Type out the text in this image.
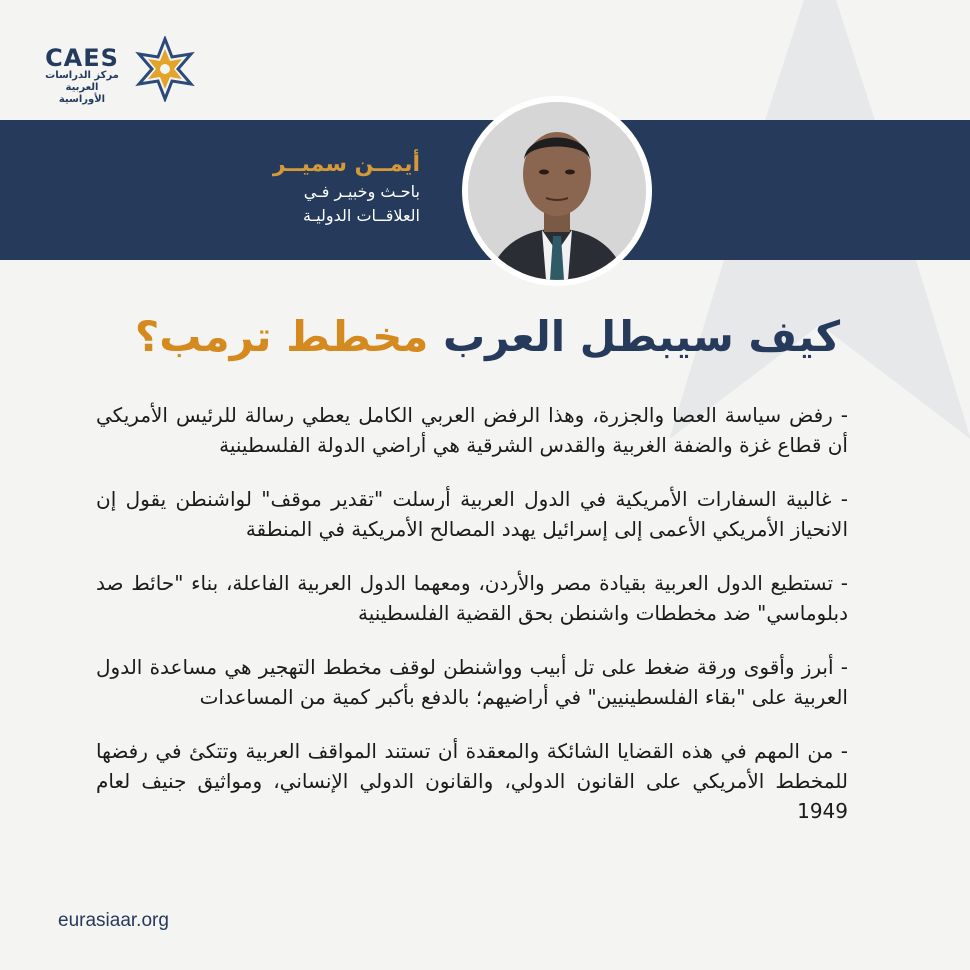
CAES
مركز الدراسات
العربية الأوراسية
أيمــن سميــر
باحـث وخبيـر فـي
العلاقــات الدوليـة
كيف سيبطل العرب مخطط ترمب؟

- رفض سياسة العصا والجزرة، وهذا الرفض العربي الكامل يعطي رسالة للرئيس الأمريكي أن قطاع غزة والضفة الغربية والقدس الشرقية هي أراضي الدولة الفلسطينية

- غالبية السفارات الأمريكية في الدول العربية أرسلت "تقدير موقف" لواشنطن يقول إن الانحياز الأمريكي الأعمى إلى إسرائيل يهدد المصالح الأمريكية في المنطقة

- تستطيع الدول العربية بقيادة مصر والأردن، ومعهما الدول العربية الفاعلة، بناء "حائط صد دبلوماسي" ضد مخططات واشنطن بحق القضية الفلسطينية

- أبرز وأقوى ورقة ضغط على تل أبيب وواشنطن لوقف مخطط التهجير هي مساعدة الدول العربية على "بقاء الفلسطينيين" في أراضيهم؛ بالدفع بأكبر كمية من المساعدات

- من المهم في هذه القضايا الشائكة والمعقدة أن تستند المواقف العربية وتتكئ في رفضها للمخطط الأمريكي على القانون الدولي، والقانون الدولي الإنساني، ومواثيق جنيف لعام 1949

eurasiaar.org
